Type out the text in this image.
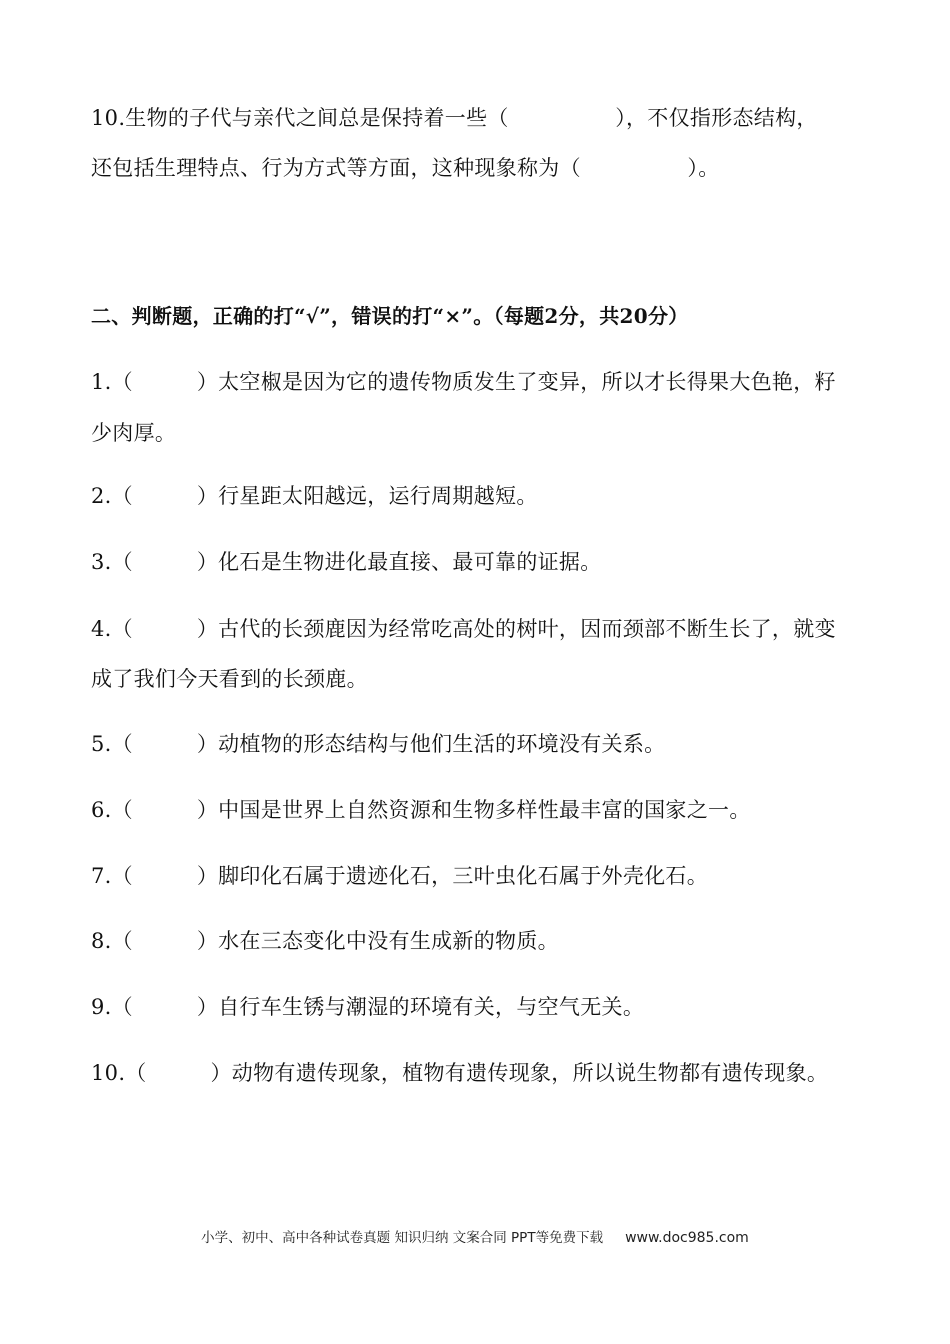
10.生物的子代与亲代之间总是保持着一些（　　　　　），不仅指形态结构，
还包括生理特点、行为方式等方面，这种现象称为（　　　　　）。
二、判断题，正确的打“√”，错误的打“×”。（每题2分，共20分）
1.（　　　）太空椒是因为它的遗传物质发生了变异，所以才长得果大色艳，籽
少肉厚。
2.（　　　）行星距太阳越远，运行周期越短。
3.（　　　）化石是生物进化最直接、最可靠的证据。
4.（　　　）古代的长颈鹿因为经常吃高处的树叶，因而颈部不断生长了，就变
成了我们今天看到的长颈鹿。
5.（　　　）动植物的形态结构与他们生活的环境没有关系。
6.（　　　）中国是世界上自然资源和生物多样性最丰富的国家之一。
7.（　　　）脚印化石属于遗迹化石，三叶虫化石属于外壳化石。
8.（　　　）水在三态变化中没有生成新的物质。
9.（　　　）自行车生锈与潮湿的环境有关，与空气无关。
10.（　　　）动物有遗传现象，植物有遗传现象，所以说生物都有遗传现象。
小学、初中、高中各种试卷真题 知识归纳 文案合同 PPT等免费下载 www.doc985.com
